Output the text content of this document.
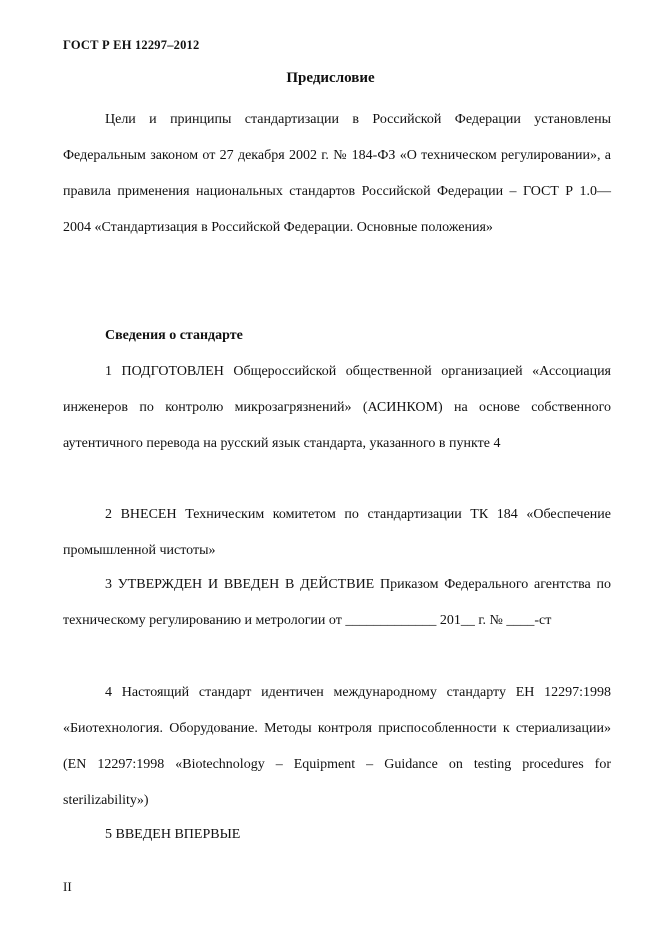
ГОСТ Р ЕН 12297–2012
Предисловие

Цели и принципы стандартизации в Российской Федерации установлены Федеральным законом от 27 декабря 2002 г. № 184-ФЗ «О техническом регулировании», а правила применения национальных стандартов Российской Федерации – ГОСТ Р 1.0—2004 «Стандартизация в Российской Федерации. Основные положения»

Сведения о стандарте

1 ПОДГОТОВЛЕН Общероссийской общественной организацией «Ассоциация инженеров по контролю микрозагрязнений» (АСИНКОМ) на основе собственного аутентичного перевода на русский язык стандарта, указанного в пункте 4

2 ВНЕСЕН Техническим комитетом по стандартизации ТК 184 «Обеспечение промышленной чистоты»

3 УТВЕРЖДЕН И ВВЕДЕН В ДЕЙСТВИЕ Приказом Федерального агентства по техническому регулированию и метрологии от _____________ 201__ г. № ____-ст

4 Настоящий стандарт идентичен международному стандарту ЕН 12297:1998 «Биотехнология. Оборудование. Методы контроля приспособленности к стериализации» (EN 12297:1998 «Biotechnology – Equipment – Guidance on testing procedures for sterilizability»)

5 ВВЕДЕН ВПЕРВЫЕ

II
